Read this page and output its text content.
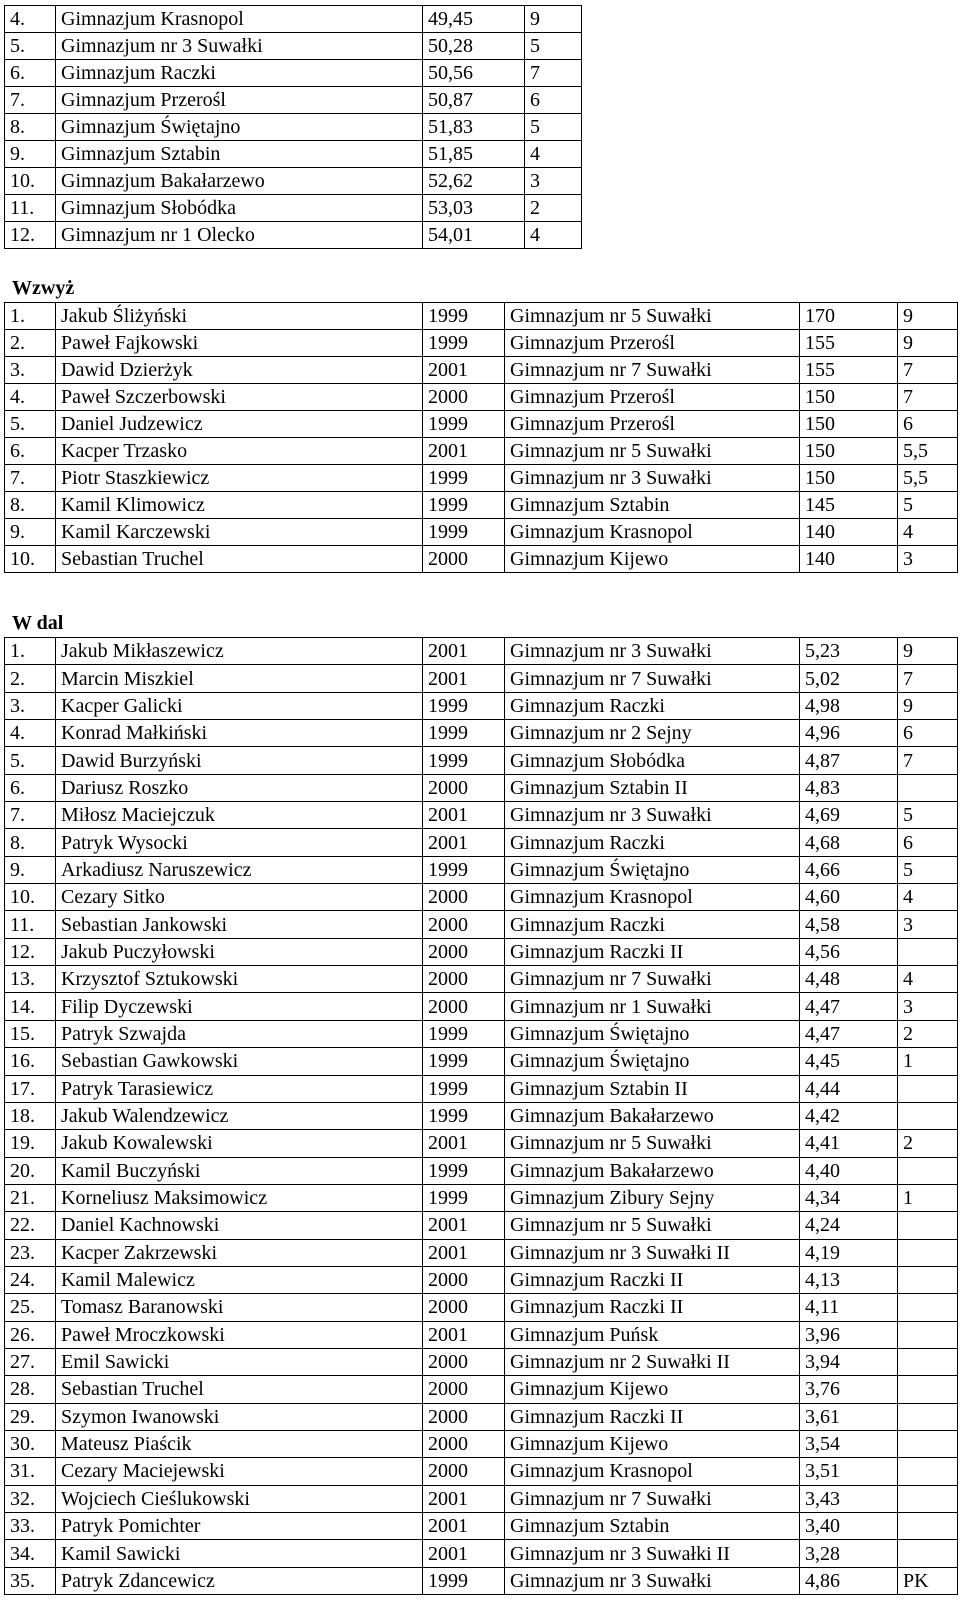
4.	Gimnazjum Krasnopol	49,45	9
5.	Gimnazjum nr 3 Suwałki	50,28	5
6.	Gimnazjum Raczki	50,56	7
7.	Gimnazjum Przerośl	50,87	6
8.	Gimnazjum Świętajno	51,83	5
9.	Gimnazjum Sztabin	51,85	4
10.	Gimnazjum Bakałarzewo	52,62	3
11.	Gimnazjum Słobódka	53,03	2
12.	Gimnazjum nr 1 Olecko	54,01	4
Wzwyż
1.	Jakub Śliżyński	1999	Gimnazjum nr 5 Suwałki	170	9
2.	Paweł Fajkowski	1999	Gimnazjum Przerośl	155	9
3.	Dawid Dzierżyk	2001	Gimnazjum nr 7 Suwałki	155	7
4.	Paweł Szczerbowski	2000	Gimnazjum Przerośl	150	7
5.	Daniel Judzewicz	1999	Gimnazjum Przerośl	150	6
6.	Kacper Trzasko	2001	Gimnazjum nr 5 Suwałki	150	5,5
7.	Piotr Staszkiewicz	1999	Gimnazjum nr 3 Suwałki	150	5,5
8.	Kamil Klimowicz	1999	Gimnazjum Sztabin	145	5
9.	Kamil Karczewski	1999	Gimnazjum Krasnopol	140	4
10.	Sebastian Truchel	2000	Gimnazjum Kijewo	140	3
W dal
1.	Jakub Mikłaszewicz	2001	Gimnazjum nr 3 Suwałki	5,23	9
2.	Marcin Miszkiel	2001	Gimnazjum nr 7 Suwałki	5,02	7
3.	Kacper Galicki	1999	Gimnazjum Raczki	4,98	9
4.	Konrad Małkiński	1999	Gimnazjum nr 2 Sejny	4,96	6
5.	Dawid Burzyński	1999	Gimnazjum Słobódka	4,87	7
6.	Dariusz Roszko	2000	Gimnazjum Sztabin II	4,83	
7.	Miłosz Maciejczuk	2001	Gimnazjum nr 3 Suwałki	4,69	5
8.	Patryk Wysocki	2001	Gimnazjum Raczki	4,68	6
9.	Arkadiusz Naruszewicz	1999	Gimnazjum Świętajno	4,66	5
10.	Cezary Sitko	2000	Gimnazjum Krasnopol	4,60	4
11.	Sebastian Jankowski	2000	Gimnazjum Raczki	4,58	3
12.	Jakub Puczyłowski	2000	Gimnazjum Raczki II	4,56	
13.	Krzysztof Sztukowski	2000	Gimnazjum nr 7 Suwałki	4,48	4
14.	Filip Dyczewski	2000	Gimnazjum nr 1 Suwałki	4,47	3
15.	Patryk Szwajda	1999	Gimnazjum Świętajno	4,47	2
16.	Sebastian Gawkowski	1999	Gimnazjum Świętajno	4,45	1
17.	Patryk Tarasiewicz	1999	Gimnazjum Sztabin II	4,44	
18.	Jakub Walendzewicz	1999	Gimnazjum Bakałarzewo	4,42	
19.	Jakub Kowalewski	2001	Gimnazjum nr 5 Suwałki	4,41	2
20.	Kamil Buczyński	1999	Gimnazjum Bakałarzewo	4,40	
21.	Korneliusz Maksimowicz	1999	Gimnazjum Zibury Sejny	4,34	1
22.	Daniel Kachnowski	2001	Gimnazjum nr 5 Suwałki	4,24	
23.	Kacper Zakrzewski	2001	Gimnazjum nr 3 Suwałki II	4,19	
24.	Kamil Malewicz	2000	Gimnazjum Raczki II	4,13	
25.	Tomasz Baranowski	2000	Gimnazjum Raczki II	4,11	
26.	Paweł Mroczkowski	2001	Gimnazjum Puńsk	3,96	
27.	Emil Sawicki	2000	Gimnazjum nr 2 Suwałki II	3,94	
28.	Sebastian Truchel	2000	Gimnazjum Kijewo	3,76	
29.	Szymon Iwanowski	2000	Gimnazjum Raczki II	3,61	
30.	Mateusz Piaścik	2000	Gimnazjum Kijewo	3,54	
31.	Cezary Maciejewski	2000	Gimnazjum Krasnopol	3,51	
32.	Wojciech Cieślukowski	2001	Gimnazjum nr 7 Suwałki	3,43	
33.	Patryk Pomichter	2001	Gimnazjum Sztabin	3,40	
34.	Kamil Sawicki	2001	Gimnazjum nr 3 Suwałki II	3,28	
35.	Patryk Zdancewicz	1999	Gimnazjum nr 3 Suwałki	4,86	PK
